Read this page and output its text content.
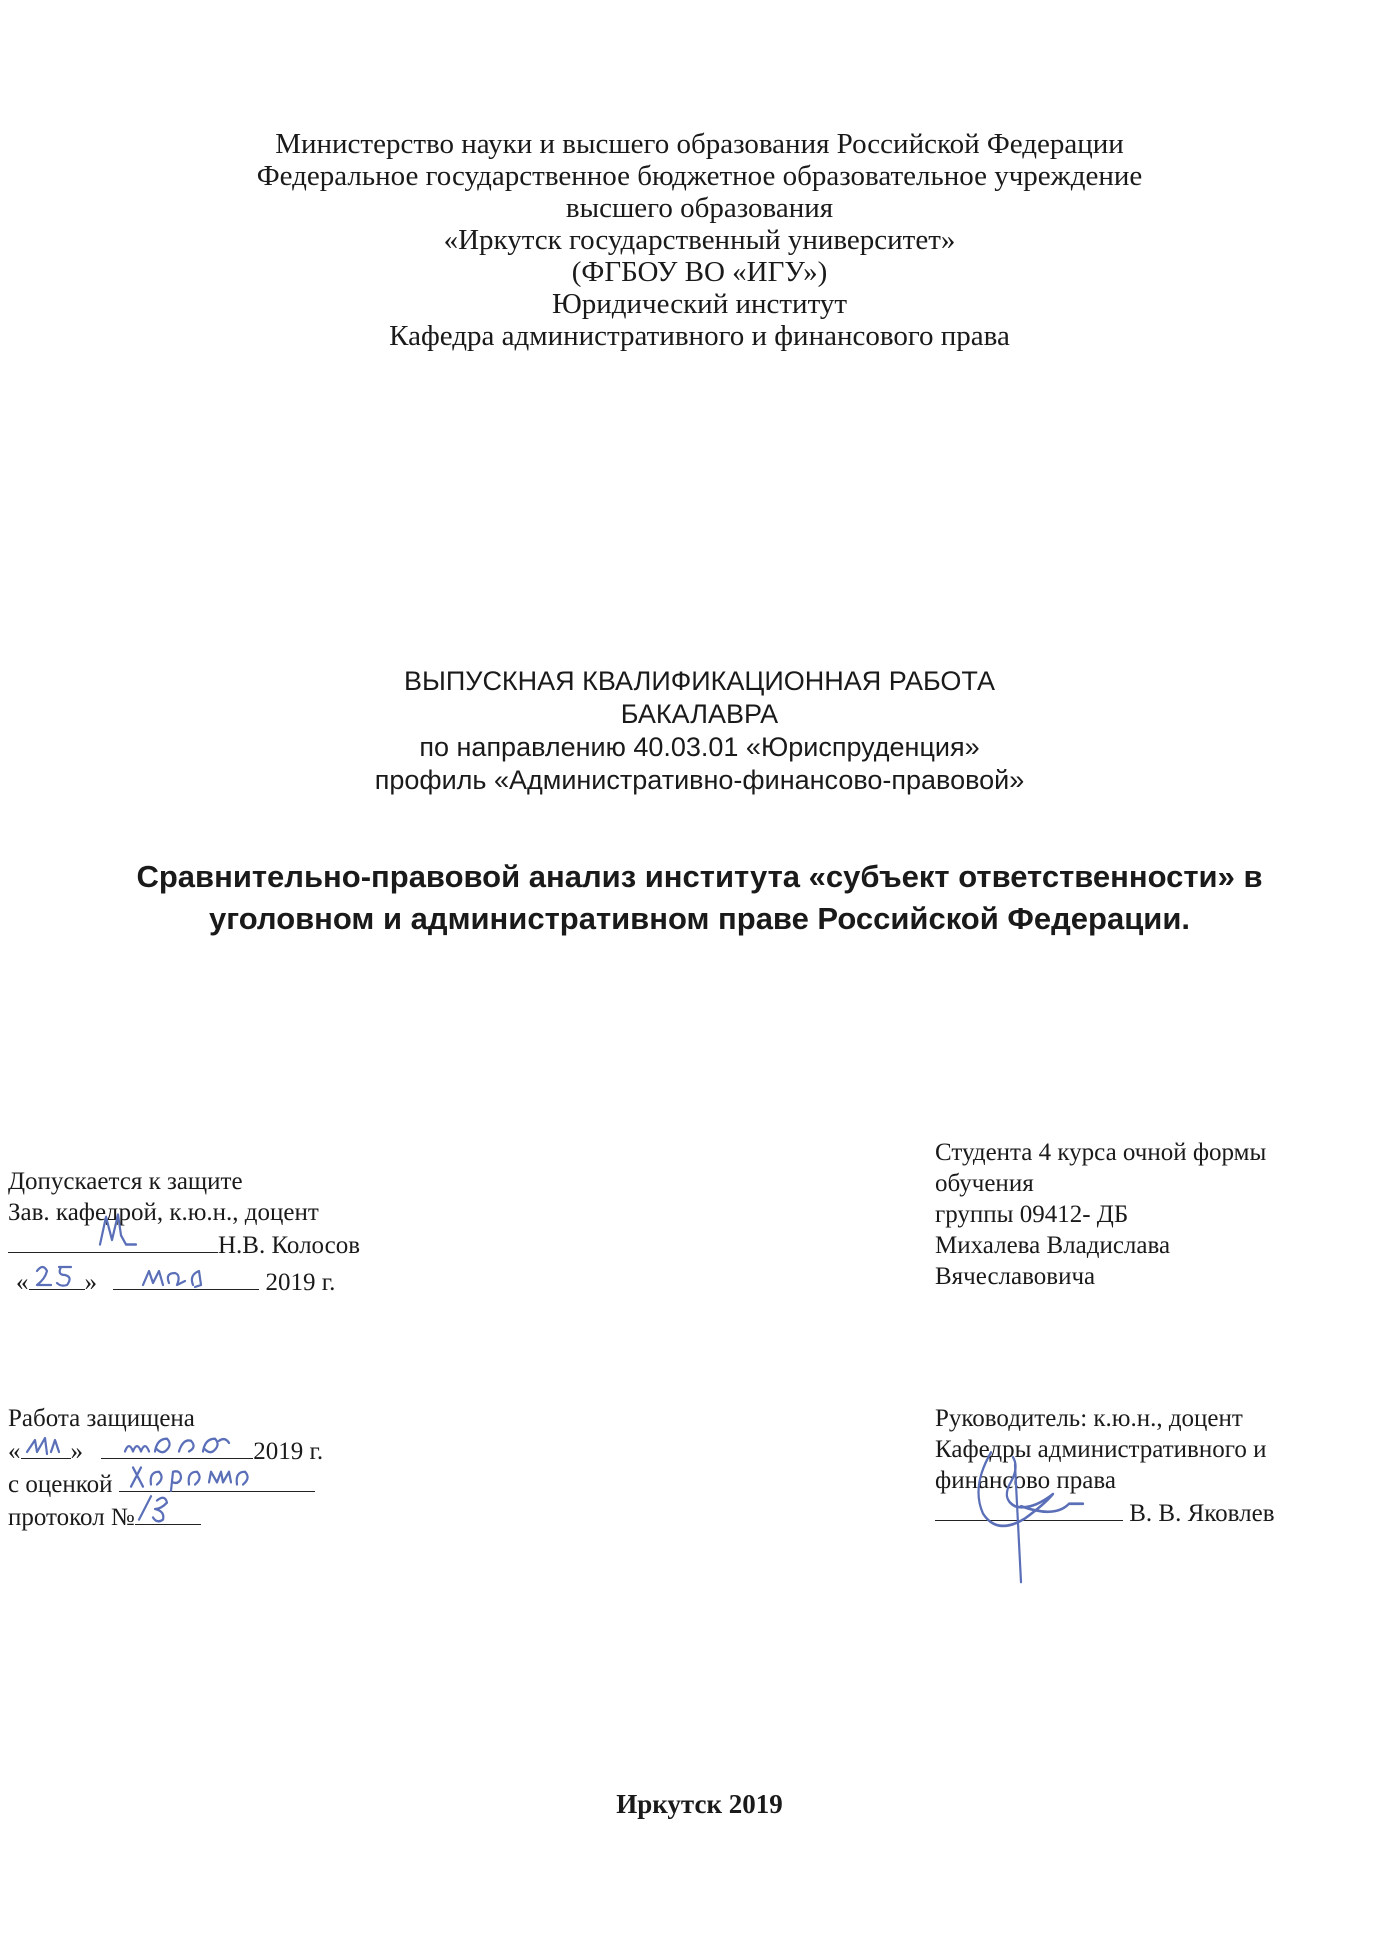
Министерство науки и высшего образования Российской Федерации

Федеральное государственное бюджетное образовательное учреждение

высшего образования

«Иркутск государственный университет»

(ФГБОУ ВО «ИГУ»)

Юридический институт

Кафедра административного и финансового права

ВЫПУСКНАЯ КВАЛИФИКАЦИОННАЯ РАБОТА

БАКАЛАВРА

по направлению 40.03.01 «Юриспруденция»

профиль «Административно-финансово-правовой»

Сравнительно-правовой анализ института «субъект ответственности» в

уголовном и административном праве Российской Федерации.

Допускается к защите

Зав. кафедрой, к.ю.н., доцент

Н.В. Колосов

« »	2019 г.

Студента 4 курса очной формы

обучения

группы 09412- ДБ

Михалева Владислава

Вячеславовича

Работа защищена

« »	2019 г.

с оценкой

протокол №

Руководитель: к.ю.н., доцент

Кафедры административного и

финансово права

В. В. Яковлев

Иркутск 2019
